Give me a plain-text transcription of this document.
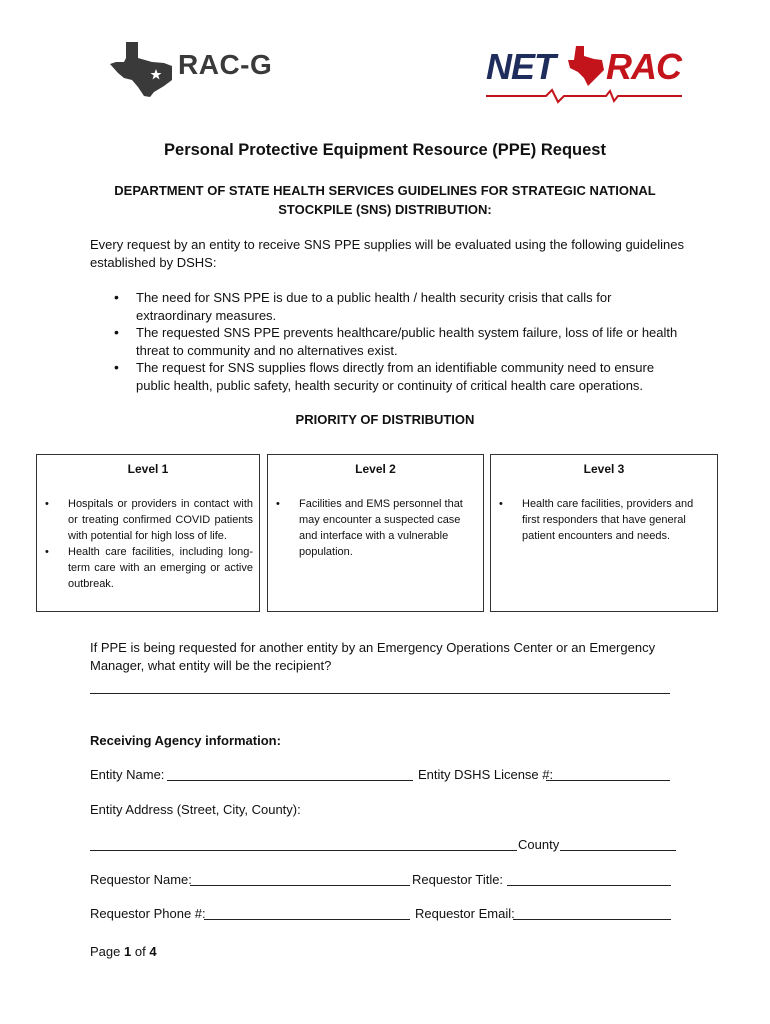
RAC-G	NET RAC
Personal Protective Equipment Resource (PPE) Request
DEPARTMENT OF STATE HEALTH SERVICES GUIDELINES FOR STRATEGIC NATIONAL STOCKPILE (SNS) DISTRIBUTION:
Every request by an entity to receive SNS PPE supplies will be evaluated using the following guidelines established by DSHS:
• The need for SNS PPE is due to a public health / health security crisis that calls for extraordinary measures.
• The requested SNS PPE prevents healthcare/public health system failure, loss of life or health threat to community and no alternatives exist.
• The request for SNS supplies flows directly from an identifiable community need to ensure public health, public safety, health security or continuity of critical health care operations.
PRIORITY OF DISTRIBUTION
Level 1
• Hospitals or providers in contact with or treating confirmed COVID patients with potential for high loss of life.
• Health care facilities, including long-term care with an emerging or active outbreak.
Level 2
• Facilities and EMS personnel that may encounter a suspected case and interface with a vulnerable population.
Level 3
• Health care facilities, providers and first responders that have general patient encounters and needs.
If PPE is being requested for another entity by an Emergency Operations Center or an Emergency Manager, what entity will be the recipient?
Receiving Agency information:
Entity Name:	Entity DSHS License #:
Entity Address (Street, City, County):
County
Requestor Name:	Requestor Title:
Requestor Phone #:	Requestor Email:
Page 1 of 4
